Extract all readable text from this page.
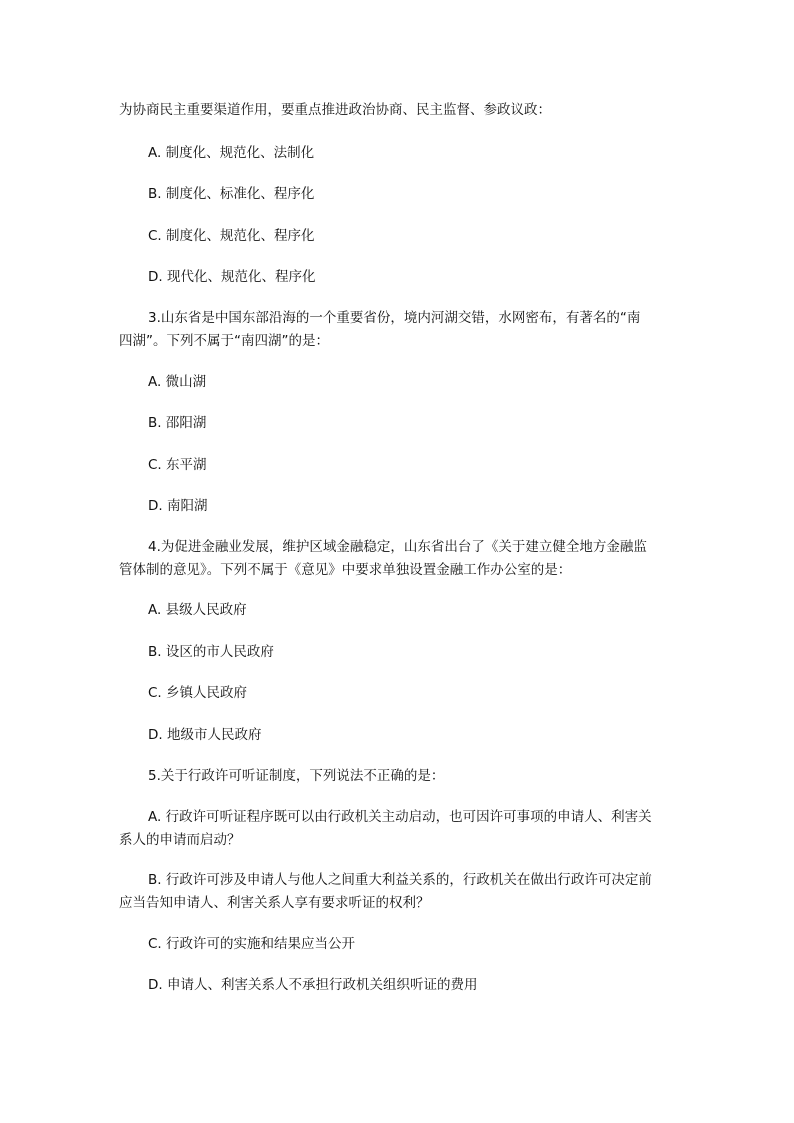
为协商民主重要渠道作用，要重点推进政治协商、民主监督、参政议政：
A. 制度化、规范化、法制化
B. 制度化、标准化、程序化
C. 制度化、规范化、程序化
D. 现代化、规范化、程序化
3.山东省是中国东部沿海的一个重要省份，境内河湖交错，水网密布，有著名的“南
四湖”。下列不属于“南四湖”的是：
A. 微山湖
B. 邵阳湖
C. 东平湖
D. 南阳湖
4.为促进金融业发展，维护区域金融稳定，山东省出台了《关于建立健全地方金融监
管体制的意见》。下列不属于《意见》中要求单独设置金融工作办公室的是：
A. 县级人民政府
B. 设区的市人民政府
C. 乡镇人民政府
D. 地级市人民政府
5.关于行政许可听证制度，下列说法不正确的是：
A. 行政许可听证程序既可以由行政机关主动启动，也可因许可事项的申请人、利害关
系人的申请而启动？
B. 行政许可涉及申请人与他人之间重大利益关系的，行政机关在做出行政许可决定前
应当告知申请人、利害关系人享有要求听证的权利？
C. 行政许可的实施和结果应当公开
D. 申请人、利害关系人不承担行政机关组织听证的费用
